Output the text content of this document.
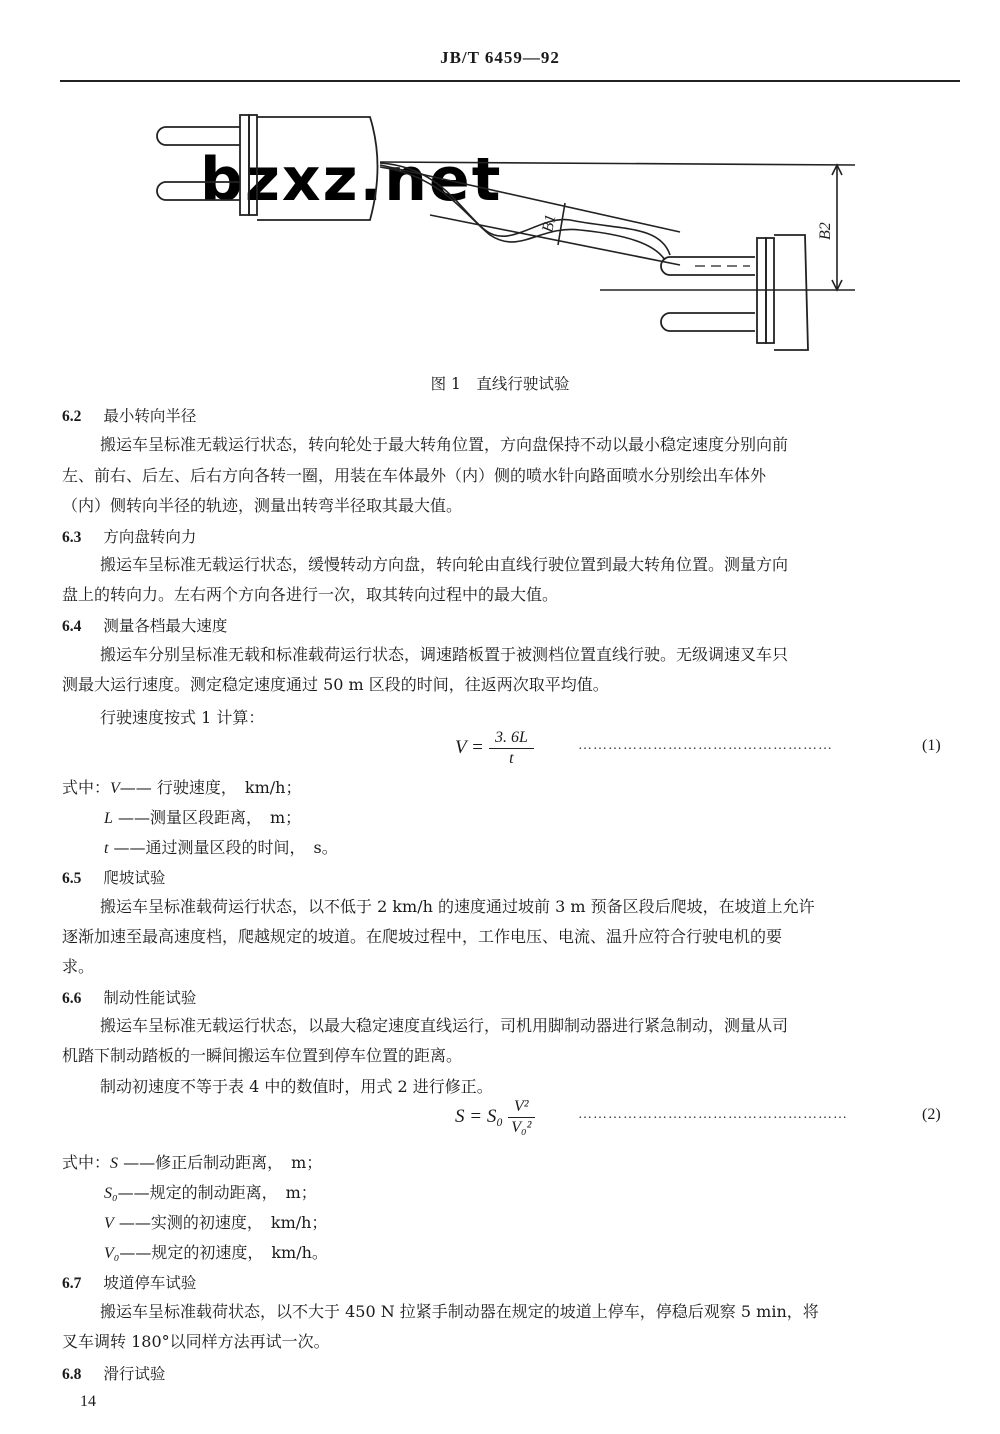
JB/T 6459—92
bzxz.net
B1	B2
图 1　直线行驶试验
6.2 最小转向半径
搬运车呈标准无载运行状态，转向轮处于最大转角位置，方向盘保持不动以最小稳定速度分别向前
左、前右、后左、后右方向各转一圈，用装在车体最外（内）侧的喷水针向路面喷水分别绘出车体外
（内）侧转向半径的轨迹，测量出转弯半径取其最大值。
6.3 方向盘转向力
搬运车呈标准无载运行状态，缓慢转动方向盘，转向轮由直线行驶位置到最大转角位置。测量方向
盘上的转向力。左右两个方向各进行一次，取其转向过程中的最大值。
6.4 测量各档最大速度
搬运车分别呈标准无载和标准载荷运行状态，调速踏板置于被测档位置直线行驶。无级调速叉车只
测最大运行速度。测定稳定速度通过 50 m 区段的时间，往返两次取平均值。
行驶速度按式 1 计算：
$V = \frac{3. 6L}{t}$	……………………………………………	(1)
式中：V—— 行驶速度，　km/h；
L ——测量区段距离，　m；
t ——通过测量区段的时间，　s。
6.5 爬坡试验
搬运车呈标准载荷运行状态，以不低于 2 km/h 的速度通过坡前 3 m 预备区段后爬坡，在坡道上允许
逐渐加速至最高速度档，爬越规定的坡道。在爬坡过程中，工作电压、电流、温升应符合行驶电机的要
求。
6.6 制动性能试验
搬运车呈标准无载运行状态，以最大稳定速度直线运行，司机用脚制动器进行紧急制动，测量从司
机踏下制动踏板的一瞬间搬运车位置到停车位置的距离。
制动初速度不等于表 4 中的数值时，用式 2 进行修正。
$S = S_0 \frac{\text{V²}}{\text{V₀²}}$	………………………………………………	(2)
式中：S ——修正后制动距离，　m；
S₀——规定的制动距离，　m；
V ——实测的初速度，　km/h；
V₀——规定的初速度，　km/h。
6.7 坡道停车试验
搬运车呈标准载荷状态，以不大于 450 N 拉紧手制动器在规定的坡道上停车，停稳后观察 5 min，将
叉车调转 180°以同样方法再试一次。
6.8 滑行试验
14
